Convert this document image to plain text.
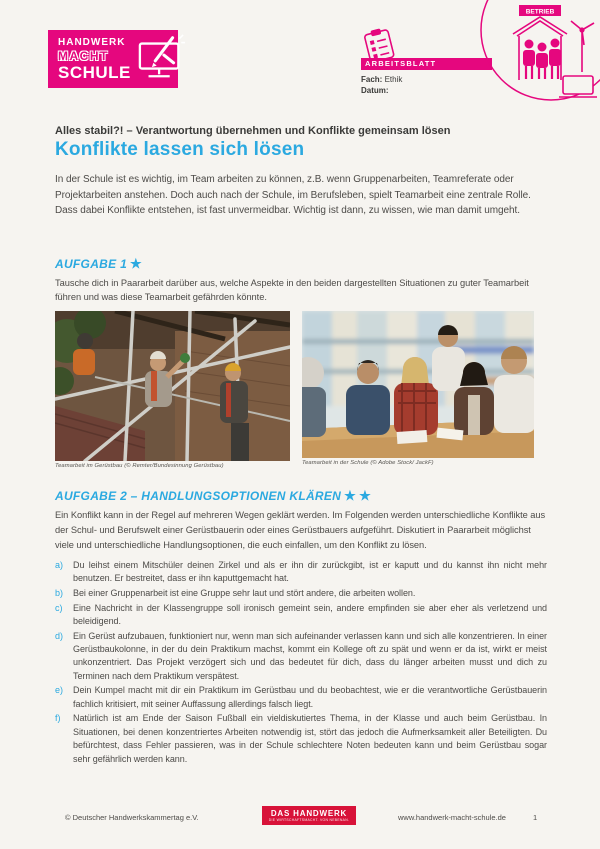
HANDWERK
MACHT
SCHULE	ARBEITSBLATT
Fach: Ethik
Datum:
BETRIEB
Alles stabil?! – Verantwortung übernehmen und Konflikte gemeinsam lösen
Konflikte lassen sich lösen
In der Schule ist es wichtig, im Team arbeiten zu können, z.B. wenn Gruppenarbeiten, Teamreferate oder Projektarbeiten anstehen. Doch auch nach der Schule, im Berufsleben, spielt Teamarbeit eine zentrale Rolle. Dass dabei Konflikte entstehen, ist fast unvermeidbar. Wichtig ist dann, zu wissen, wie man damit umgeht.
AUFGABE 1 ★
Tausche dich in Paararbeit darüber aus, welche Aspekte in den beiden dargestellten Situationen zu guter Teamarbeit führen und was diese Teamarbeit gefährden könnte.
Teamarbeit im Gerüstbau (© Remter/Bundesinnung Gerüstbau)	Teamarbeit in der Schule (© Adobe Stock/ JackF)
AUFGABE 2 – HANDLUNGSOPTIONEN KLÄREN ★ ★
Ein Konflikt kann in der Regel auf mehreren Wegen geklärt werden. Im Folgenden werden unterschiedliche Konflikte aus der Schul- und Berufswelt einer Gerüstbauerin oder eines Gerüstbauers aufgeführt. Diskutiert in Paararbeit möglichst viele und unterschiedliche Handlungsoptionen, die euch einfallen, um den Konflikt zu lösen.
a) Du leihst einem Mitschüler deinen Zirkel und als er ihn dir zurückgibt, ist er kaputt und du kannst ihn nicht mehr benutzen. Er bestreitet, dass er ihn kaputtgemacht hat.
b) Bei einer Gruppenarbeit ist eine Gruppe sehr laut und stört andere, die arbeiten wollen.
c) Eine Nachricht in der Klassengruppe soll ironisch gemeint sein, andere empfinden sie aber eher als verletzend und beleidigend.
d) Ein Gerüst aufzubauen, funktioniert nur, wenn man sich aufeinander verlassen kann und sich alle konzentrieren. In einer Gerüstbaukolonne, in der du dein Praktikum machst, kommt ein Kollege oft zu spät und wenn er da ist, wirkt er meist unkonzentriert. Das Projekt verzögert sich und das bedeutet für dich, dass du länger arbeiten musst und dich zu Terminen nach dem Praktikum verspätest.
e) Dein Kumpel macht mit dir ein Praktikum im Gerüstbau und du beobachtest, wie er die verantwortliche Gerüstbauerin fachlich kritisiert, mit seiner Auffassung allerdings falsch liegt.
f) Natürlich ist am Ende der Saison Fußball ein vieldiskutiertes Thema, in der Klasse und auch beim Gerüstbau. In Situationen, bei denen konzentriertes Arbeiten notwendig ist, stört das jedoch die Aufmerksamkeit aller Beteiligten. Du befürchtest, dass Fehler passieren, was in der Schule schlechtere Noten bedeuten kann und beim Gerüstbau sogar sehr gefährlich werden kann.
© Deutscher Handwerkskammertag e.V.	DAS HANDWERK
DIE WIRTSCHAFTSMACHT. VON NEBENAN.	www.handwerk-macht-schule.de	1
